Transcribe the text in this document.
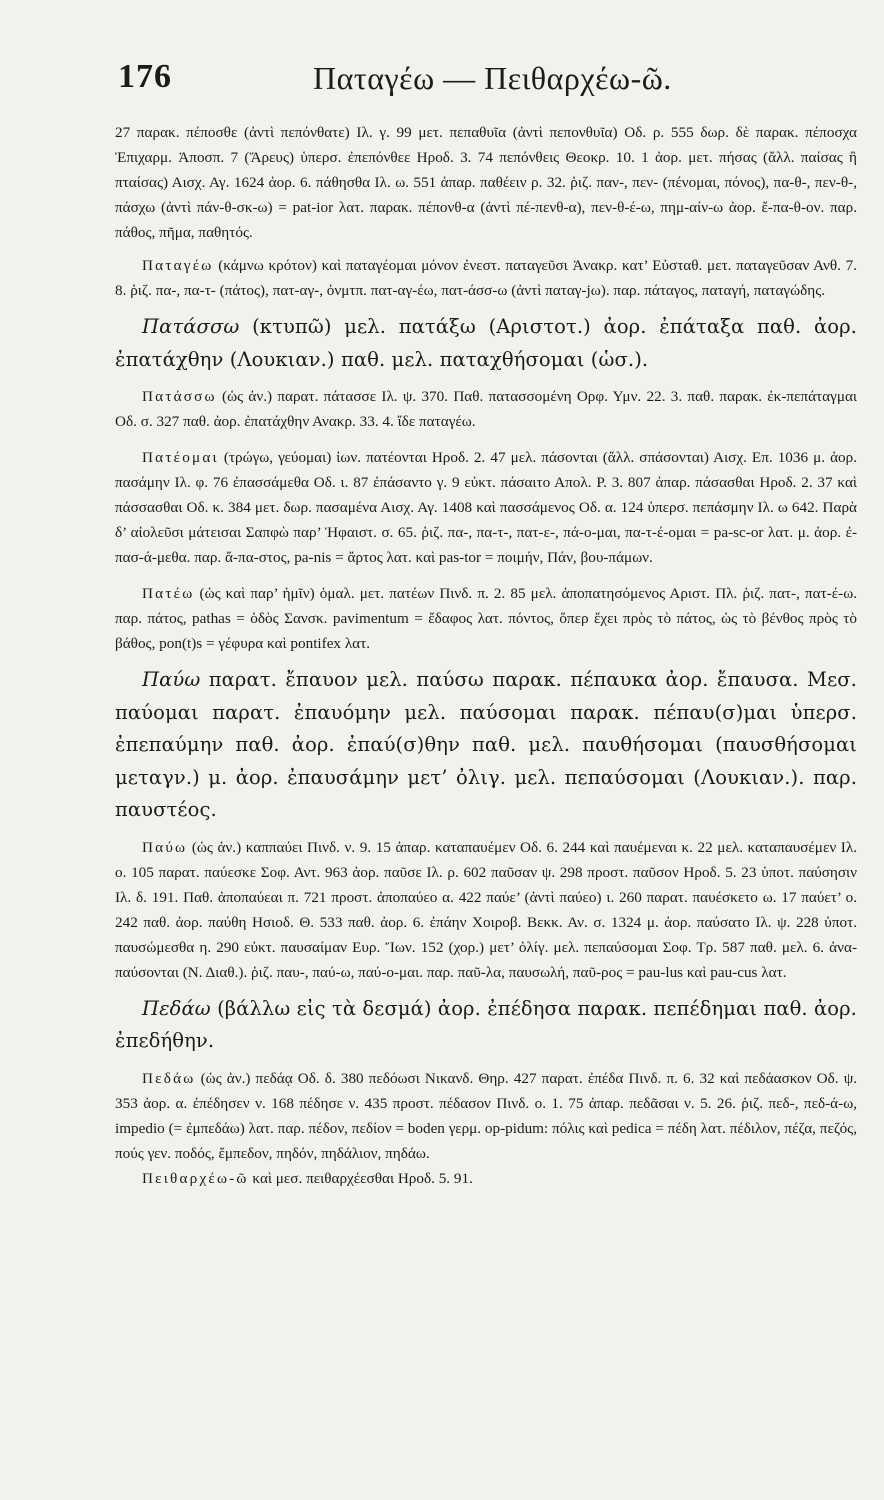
176	Παταγέω — Πειθαρχέω-ῶ.

27 παρακ. πέποσθε (ἀντὶ πεπόνθατε) Ιλ. γ. 99 μετ. πεπαθυῖα (ἀντὶ πεπονθυῖα) Οδ. ρ. 555 δωρ. δὲ παρακ. πέποσχα Ἐπιχαρμ. Ἀποσπ. 7 (Ἄρευς) ὑπερσ. ἐπεπόνθεε Ηροδ. 3. 74 πεπόνθεις Θεοκρ. 10. 1 ἀορ. μετ. πήσας (ἄλλ. παίσας ἢ πταίσας) Αισχ. Αγ. 1624 ἀορ. 6. πάθησθα Ιλ. ω. 551 ἀπαρ. παθέειν ρ. 32. ῥιζ. παν-, πεν- (πένομαι, πόνος), πα-θ-, πεν-θ-, πάσχω (ἀντὶ πάν-θ-σκ-ω) = pat-ior λατ. παρακ. πέπονθ-α (ἀντὶ πέ-πενθ-α), πεν-θ-έ-ω, πημ-αίν-ω ἀορ. ἔ-πα-θ-ον. παρ. πάθος, πῆμα, παθητός.

Παταγέω (κάμνω κρότον) καὶ παταγέομαι μόνον ἐνεστ. παταγεῦσι Ἀνακρ. κατ’ Εὐσταθ. μετ. παταγεῦσαν Ανθ. 7. 8. ῥιζ. πα-, πα-τ- (πάτος), πατ-αγ-, ὀνμτπ. πατ-αγ-έω, πατ-άσσ-ω (ἀντὶ παταγ-jω). παρ. πάταγος, παταγή, παταγώδης.

Πατάσσω (κτυπῶ) μελ. πατάξω (Αριστοτ.) ἀορ. ἐπάταξα παθ. ἀορ. ἐπατάχθην (Λουκιαν.) παθ. μελ. παταχθήσομαι (ὡσ.).

Πατάσσω (ὡς ἀν.) παρατ. πάτασσε Ιλ. ψ. 370. Παθ. πατασσομένη Ορφ. Υμν. 22. 3. παθ. παρακ. ἐκ-πεπάταγμαι Οδ. σ. 327 παθ. ἀορ. ἐπατάχθην Ανακρ. 33. 4. ἴδε παταγέω.

Πατέομαι (τρώγω, γεύομαι) ἰων. πατέονται Ηροδ. 2. 47 μελ. πάσονται (ἄλλ. σπάσονται) Αισχ. Επ. 1036 μ. ἀορ. πασάμην Ιλ. φ. 76 ἐπασσάμεθα Οδ. ι. 87 ἐπάσαντο γ. 9 εὐκτ. πάσαιτο Απολ. Ρ. 3. 807 ἀπαρ. πάσασθαι Ηροδ. 2. 37 καὶ πάσσασθαι Οδ. κ. 384 μετ. δωρ. πασαμένα Αισχ. Αγ. 1408 καὶ πασσάμενος Οδ. α. 124 ὑπερσ. πεπάσμην Ιλ. ω 642. Παρὰ δ’ αἰολεῦσι μάτεισαι Σαπφὼ παρ’ Ἡφαιστ. σ. 65. ῥιζ. πα-, πα-τ-, πατ-ε-, πά-ο-μαι, πα-τ-έ-ομαι = pa-sc-or λατ. μ. ἀορ. ἐ-πασ-ά-μεθα. παρ. ἄ-πα-στος, pa-nis = ἄρτος λατ. καὶ pas-tor = ποιμήν, Πάν, βου-πάμων.

Πατέω (ὡς καὶ παρ’ ἡμῖν) ὁμαλ. μετ. πατέων Πινδ. π. 2. 85 μελ. ἀποπατησόμενος Αριστ. Πλ. ῥιζ. πατ-, πατ-έ-ω. παρ. πάτος, pathas = ὁδὸς Σανσκ. pavimentum = ἔδαφος λατ. πόντος, ὅπερ ἔχει πρὸς τὸ πάτος, ὡς τὸ βένθος πρὸς τὸ βάθος, pon(t)s = γέφυρα καὶ pontifex λατ.

Παύω παρατ. ἔπαυον μελ. παύσω παρακ. πέπαυκα ἀορ. ἔπαυσα. Μεσ. παύομαι παρατ. ἐπαυόμην μελ. παύσομαι παρακ. πέπαυ(σ)μαι ὑπερσ. ἐπεπαύμην παθ. ἀορ. ἐπαύ(σ)θην παθ. μελ. παυθήσομαι (παυσθήσομαι μεταγν.) μ. ἀορ. ἐπαυσάμην μετ’ ὀλιγ. μελ. πεπαύσομαι (Λουκιαν.). παρ. παυστέος.

Παύω (ὡς ἀν.) καππαύει Πινδ. ν. 9. 15 ἀπαρ. καταπαυέμεν Οδ. 6. 244 καὶ παυέμεναι κ. 22 μελ. καταπαυσέμεν Ιλ. ο. 105 παρατ. παύεσκε Σοφ. Αντ. 963 ἀορ. παῦσε Ιλ. ρ. 602 παῦσαν ψ. 298 προστ. παῦσον Ηροδ. 5. 23 ὑποτ. παύσησιν Ιλ. δ. 191. Παθ. ἀποπαύεαι π. 721 προστ. ἀποπαύεο α. 422 παύε’ (ἀντὶ παύεο) ι. 260 παρατ. παυέσκετο ω. 17 παύετ’ ο. 242 παθ. ἀορ. παύθη Ησιοδ. Θ. 533 παθ. ἀορ. 6. ἐπάην Χοιροβ. Βεκκ. Αν. σ. 1324 μ. ἀορ. παύσατο Ιλ. ψ. 228 ὑποτ. παυσώμεσθα η. 290 εὐκτ. παυσαίμαν Ευρ. Ἴων. 152 (χορ.) μετ’ ὀλίγ. μελ. πεπαύσομαι Σοφ. Τρ. 587 παθ. μελ. 6. ἀνα-παύσονται (Ν. Διαθ.). ῥιζ. παυ-, παύ-ω, παύ-ο-μαι. παρ. παῦ-λα, παυσωλή, παῦ-ρος = pau-lus καὶ pau-cus λατ.

Πεδάω (βάλλω εἰς τὰ δεσμά) ἀορ. ἐπέδησα παρακ. πεπέδημαι παθ. ἀορ. ἐπεδήθην.

Πεδάω (ὡς ἀν.) πεδάᾳ Οδ. δ. 380 πεδόωσι Νικανδ. Θηρ. 427 παρατ. ἐπέδα Πινδ. π. 6. 32 καὶ πεδάασκον Οδ. ψ. 353 ἀορ. α. ἐπέδησεν ν. 168 πέδησε ν. 435 προστ. πέδασον Πινδ. ο. 1. 75 ἀπαρ. πεδᾶσαι ν. 5. 26. ῥιζ. πεδ-, πεδ-ά-ω, impedio (= ἐμπεδάω) λατ. παρ. πέδον, πεδίον = boden γερμ. op-pidum: πόλις καὶ pedica = πέδη λατ. πέδιλον, πέζα, πεζός, πούς γεν. ποδός, ἔμπεδον, πηδόν, πηδάλιον, πηδάω.

Πειθαρχέω-ῶ καὶ μεσ. πειθαρχέεσθαι Ηροδ. 5. 91.
